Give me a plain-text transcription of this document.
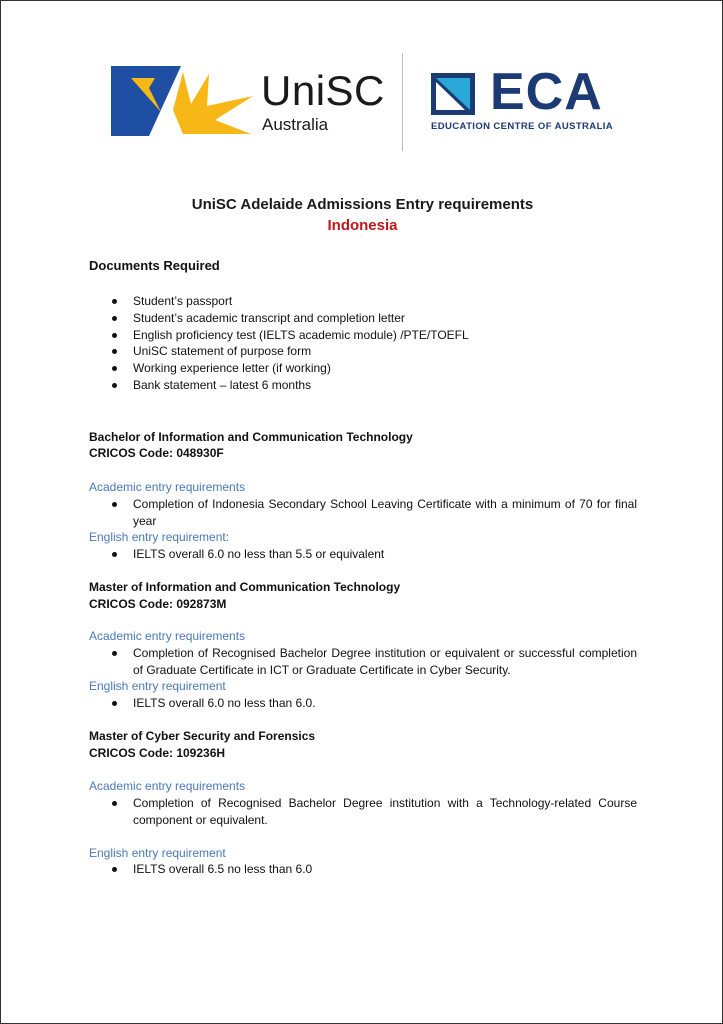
UniSC
Australia
ECA
EDUCATION CENTRE OF AUSTRALIA
UniSC Adelaide Admissions Entry requirements
Indonesia
Documents Required
Student’s passport
Student’s academic transcript and completion letter
English proficiency test (IELTS academic module) /PTE/TOEFL
UniSC statement of purpose form
Working experience letter (if working)
Bank statement – latest 6 months
Bachelor of Information and Communication Technology
CRICOS Code: 048930F
Academic entry requirements
Completion of Indonesia Secondary School Leaving Certificate with a minimum of 70 for final year
English entry requirement:
IELTS overall 6.0 no less than 5.5 or equivalent
Master of Information and Communication Technology
CRICOS Code: 092873M
Academic entry requirements
Completion of Recognised Bachelor Degree institution or equivalent or successful completion of Graduate Certificate in ICT or Graduate Certificate in Cyber Security.
English entry requirement
IELTS overall 6.0 no less than 6.0.
Master of Cyber Security and Forensics
CRICOS Code: 109236H
Academic entry requirements
Completion of Recognised Bachelor Degree institution with a Technology-related Course component or equivalent.
English entry requirement
IELTS overall 6.5 no less than 6.0
